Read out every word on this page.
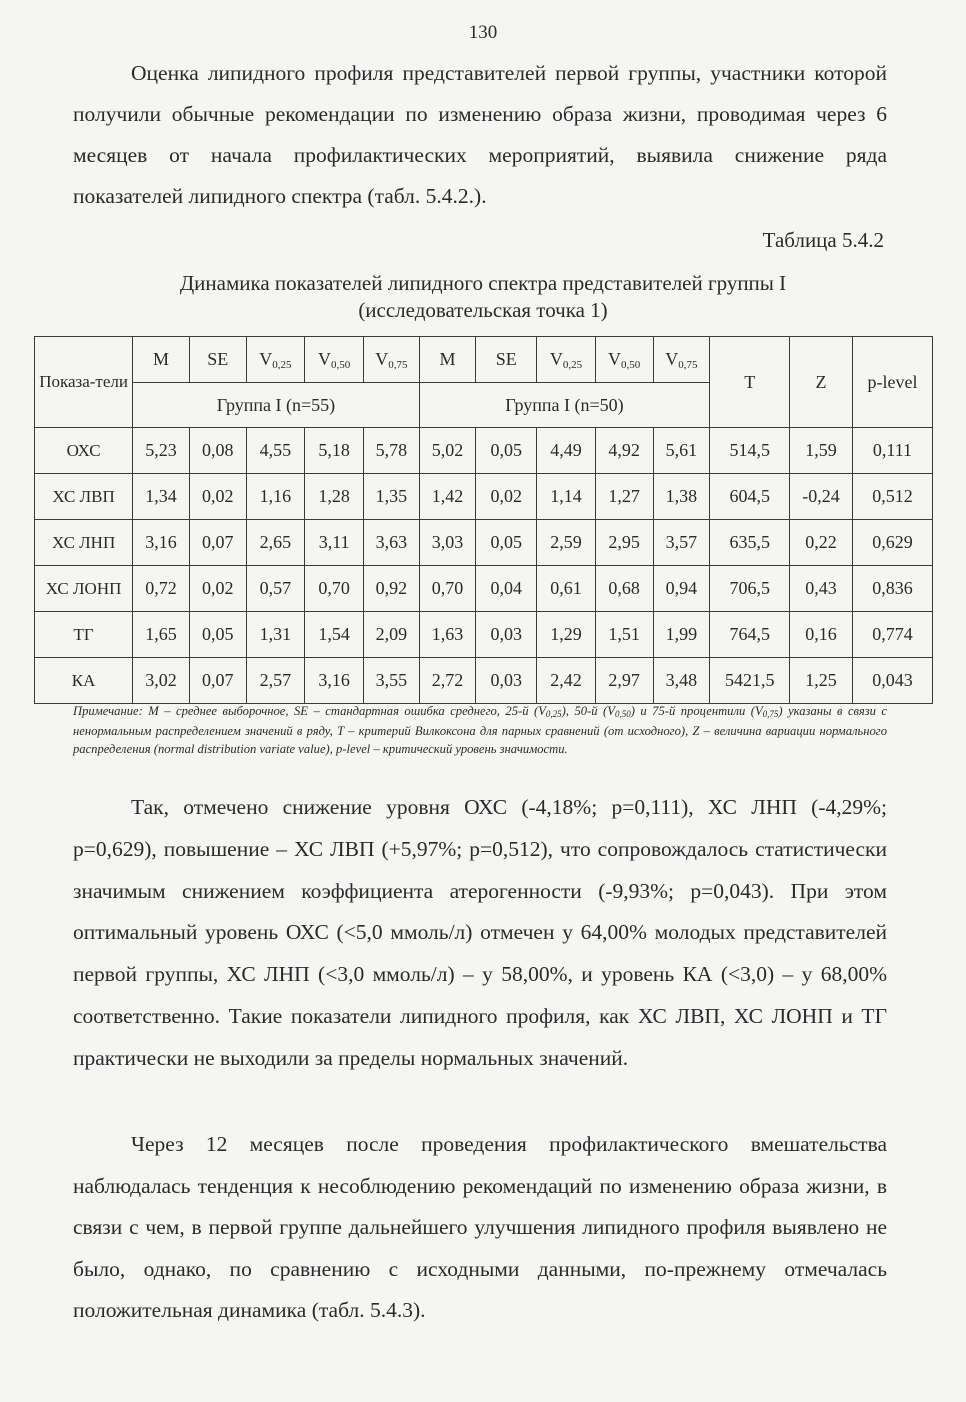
130

Оценка липидного профиля представителей первой группы, участники которой получили обычные рекомендации по изменению образа жизни, проводимая через 6 месяцев от начала профилактических мероприятий, выявила снижение ряда показателей липидного спектра (табл. 5.4.2.).

Таблица 5.4.2
Динамика показателей липидного спектра представителей группы I
(исследовательская точка 1)
Показа-тели	M	SE	$V_{0,25}$	$V_{0,50}$	$V_{0,75}$	M	SE	$V_{0,25}$	$V_{0,50}$	$V_{0,75}$	T	Z	p-level
	Группа I (n=55)					Группа I (n=50)							
ОХС	5,23	0,08	4,55	5,18	5,78	5,02	0,05	4,49	4,92	5,61	514,5	1,59	0,111
ХС ЛВП	1,34	0,02	1,16	1,28	1,35	1,42	0,02	1,14	1,27	1,38	604,5	-0,24	0,512
ХС ЛНП	3,16	0,07	2,65	3,11	3,63	3,03	0,05	2,59	2,95	3,57	635,5	0,22	0,629
ХС ЛОНП	0,72	0,02	0,57	0,70	0,92	0,70	0,04	0,61	0,68	0,94	706,5	0,43	0,836
ТГ	1,65	0,05	1,31	1,54	2,09	1,63	0,03	1,29	1,51	1,99	764,5	0,16	0,774
КА	3,02	0,07	2,57	3,16	3,55	2,72	0,03	2,42	2,97	3,48	5421,5	1,25	0,043

Примечание: M – среднее выборочное, SE – стандартная ошибка среднего, 25-й $(V_{0,25})$, 50-й $(V_{0,50})$ и 75-й процентили $(V_{0,75})$ указаны в связи с ненормальным распределением значений в ряду, T – критерий Вилкоксона для парных сравнений (от исходного), Z – величина вариации нормального распределения (normal distribution variate value), p-level – критический уровень значимости.

Так, отмечено снижение уровня ОХС (-4,18%; р=0,111), ХС ЛНП (-4,29%; р=0,629), повышение – ХС ЛВП (+5,97%; р=0,512), что сопровождалось статистически значимым снижением коэффициента атерогенности (-9,93%; р=0,043). При этом оптимальный уровень ОХС (<5,0 ммоль/л) отмечен у 64,00% молодых представителей первой группы, ХС ЛНП (<3,0 ммоль/л) – у 58,00%, и уровень КА (<3,0) – у 68,00% соответственно. Такие показатели липидного профиля, как ХС ЛВП, ХС ЛОНП и ТГ практически не выходили за пределы нормальных значений.

Через 12 месяцев после проведения профилактического вмешательства наблюдалась тенденция к несоблюдению рекомендаций по изменению образа жизни, в связи с чем, в первой группе дальнейшего улучшения липидного профиля выявлено не было, однако, по сравнению с исходными данными, по-прежнему отмечалась положительная динамика (табл. 5.4.3).
